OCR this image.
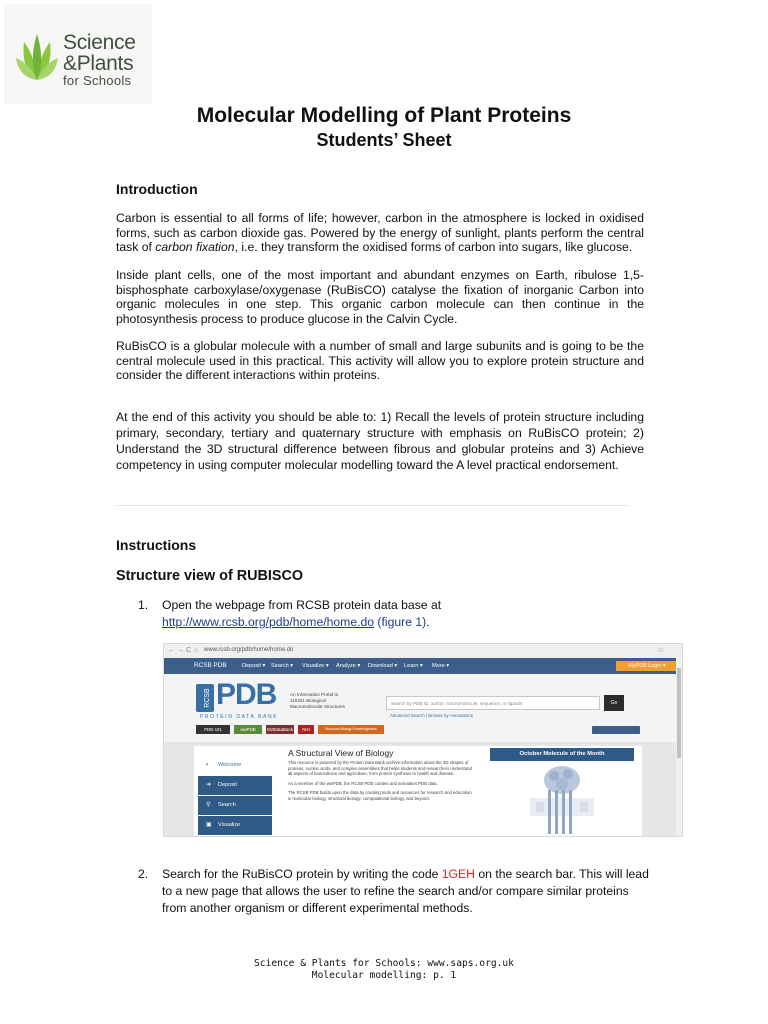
Science
&Plants
for Schools
Molecular Modelling of Plant Proteins
Students’ Sheet
Introduction
Carbon is essential to all forms of life; however, carbon in the atmosphere is locked in oxidised forms, such as carbon dioxide gas. Powered by the energy of sunlight, plants perform the central task of carbon fixation, i.e. they transform the oxidised forms of carbon into sugars, like glucose.
Inside plant cells, one of the most important and abundant enzymes on Earth, ribulose 1,5-bisphosphate carboxylase/oxygenase (RuBisCO) catalyse the fixation of inorganic Carbon into organic molecules in one step. This organic carbon molecule can then continue in the photosynthesis process to produce glucose in the Calvin Cycle.
RuBisCO is a globular molecule with a number of small and large subunits and is going to be the central molecule used in this practical. This activity will allow you to explore protein structure and consider the different interactions within proteins.
At the end of this activity you should be able to: 1) Recall the levels of protein structure including primary, secondary, tertiary and quaternary structure with emphasis on RuBisCO protein; 2) Understand the 3D structural difference between fibrous and globular proteins and 3) Achieve competency in using computer molecular modelling toward the A level practical endorsement.
Instructions
Structure view of RUBISCO
1. Open the webpage from RCSB protein data base at
http://www.rcsb.org/pdb/home/home.do (figure 1).
← → C ⌂ www.rcsb.org/pdb/home/home.do	☆
RCSB PDB	Deposit ▾ Search ▾ Visualize ▾ Analyze ▾ Download ▾ Learn ▾ More ▾	MyPDB Login ▾
RCSB PDB
PROTEIN DATA BANK
An Information Portal to
115331 Biological
Macromolecular Structures
Search by PDB ID, author, macromolecule, sequence, or ligands	Go
Advanced Search | Browse by Annotations
PDB-101	wwPDB	EMDataBank	NIH	Structural Biology Knowledgebase
▪ Welcome
➜ Deposit
⚲ Search
▣ Visualize
A Structural View of Biology
This resource is powered by the Protein Data Bank archive-information about the 3D shapes of proteins, nucleic acids, and complex assemblies that helps students and researchers understand all aspects of biomedicine and agriculture, from protein synthesis to health and disease.
As a member of the wwPDB, the RCSB PDB curates and annotates PDB data.
The RCSB PDB builds upon the data by creating tools and resources for research and education in molecular biology, structural biology, computational biology, and beyond.
October Molecule of the Month
2. Search for the RuBisCO protein by writing the code 1GEH on the search bar. This will lead to a new page that allows the user to refine the search and/or compare similar proteins from another organism or different experimental methods.
Science & Plants for Schools: www.saps.org.uk
Molecular modelling: p. 1
